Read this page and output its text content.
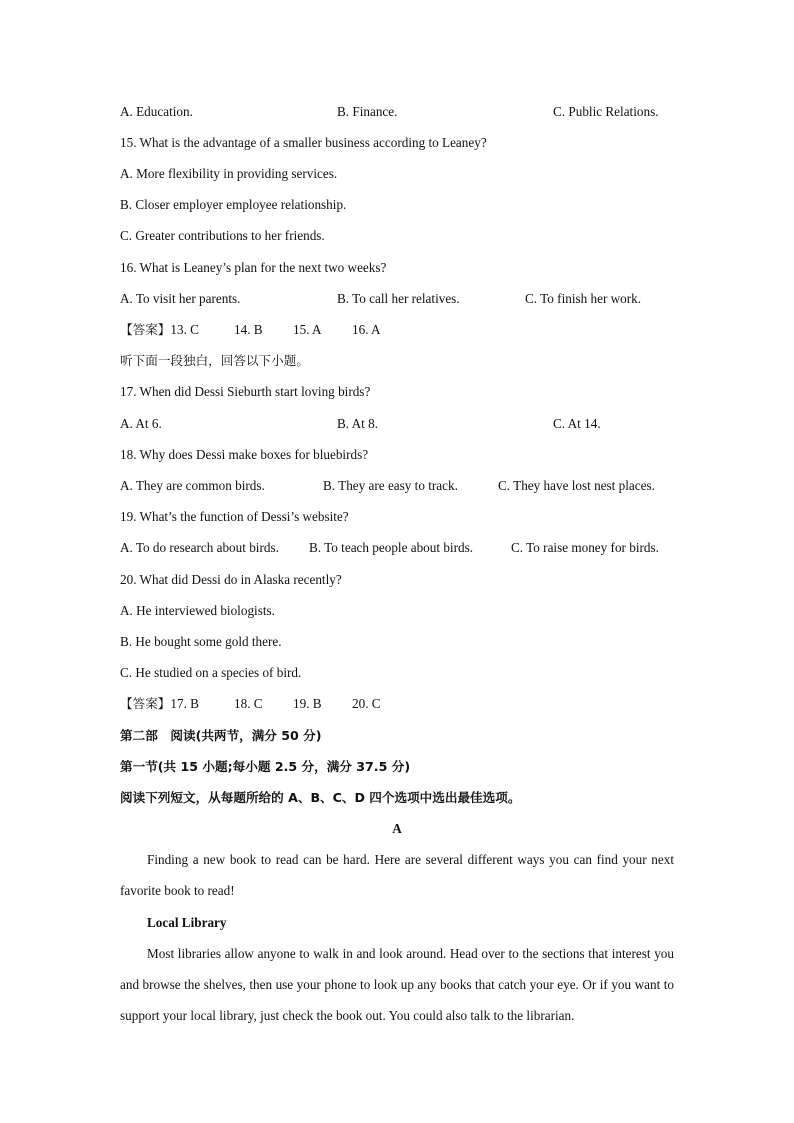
A. Education.	B. Finance.	C. Public Relations.
15. What is the advantage of a smaller business according to Leaney?
A. More flexibility in providing services.
B. Closer employer employee relationship.
C. Greater contributions to her friends.
16. What is Leaney’s plan for the next two weeks?
A. To visit her parents.	B. To call her relatives.	C. To finish her work.
【答案】13. C	14. B 15. A 16. A
听下面一段独白，回答以下小题。
17. When did Dessi Sieburth start loving birds?
A. At 6.	B. At 8.	C. At 14.
18. Why does Dessi make boxes for bluebirds?
A. They are common birds.	B. They are easy to track.	C. They have lost nest places.
19. What’s the function of Dessi’s website?
A. To do research about birds. B. To teach people about birds.	C. To raise money for birds.
20. What did Dessi do in Alaska recently?
A. He interviewed biologists.
B. He bought some gold there.
C. He studied on a species of bird.
【答案】17. B	18. C 19. B 20. C
第二部　阅读(共两节，满分 50 分)
第一节(共 15 小题;每小题 2.5 分，满分 37.5 分)
阅读下列短文，从每题所给的 A、B、C、D 四个选项中选出最佳选项。
A
Finding a new book to read can be hard. Here are several different ways you can find your next favorite book to read!
Local Library
Most libraries allow anyone to walk in and look around. Head over to the sections that interest you and browse the shelves, then use your phone to look up any books that catch your eye. Or if you want to support your local library, just check the book out. You could also talk to the librarian.
